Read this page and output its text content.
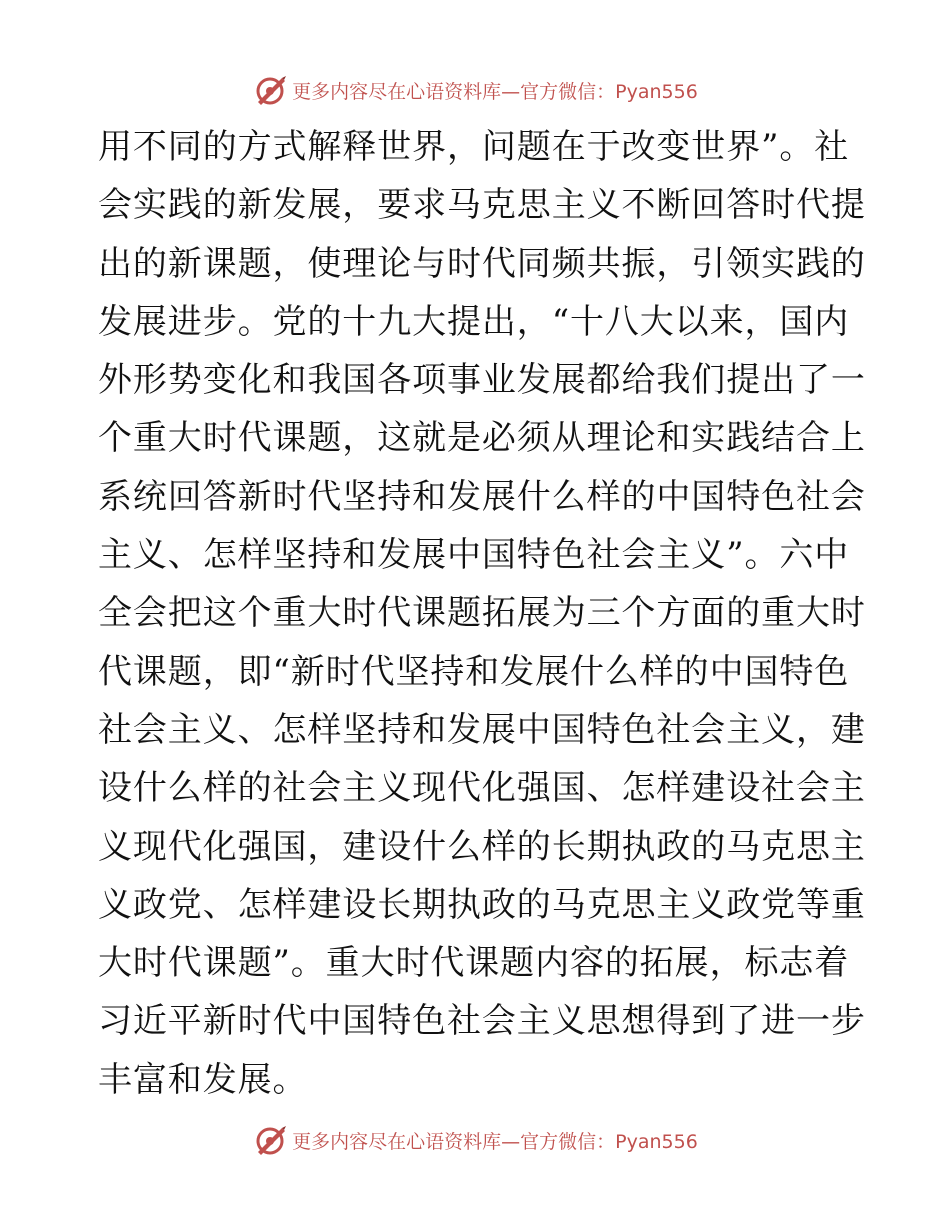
更多内容尽在心语资料库—官方微信：Pyan556
用不同的方式解释世界，问题在于改变世界”。社
会实践的新发展，要求马克思主义不断回答时代提
出的新课题，使理论与时代同频共振，引领实践的
发展进步。党的十九大提出，“十八大以来，国内
外形势变化和我国各项事业发展都给我们提出了一
个重大时代课题，这就是必须从理论和实践结合上
系统回答新时代坚持和发展什么样的中国特色社会
主义、怎样坚持和发展中国特色社会主义”。六中
全会把这个重大时代课题拓展为三个方面的重大时
代课题，即“新时代坚持和发展什么样的中国特色
社会主义、怎样坚持和发展中国特色社会主义，建
设什么样的社会主义现代化强国、怎样建设社会主
义现代化强国，建设什么样的长期执政的马克思主
义政党、怎样建设长期执政的马克思主义政党等重
大时代课题”。重大时代课题内容的拓展，标志着
习近平新时代中国特色社会主义思想得到了进一步
丰富和发展。
更多内容尽在心语资料库—官方微信：Pyan556
